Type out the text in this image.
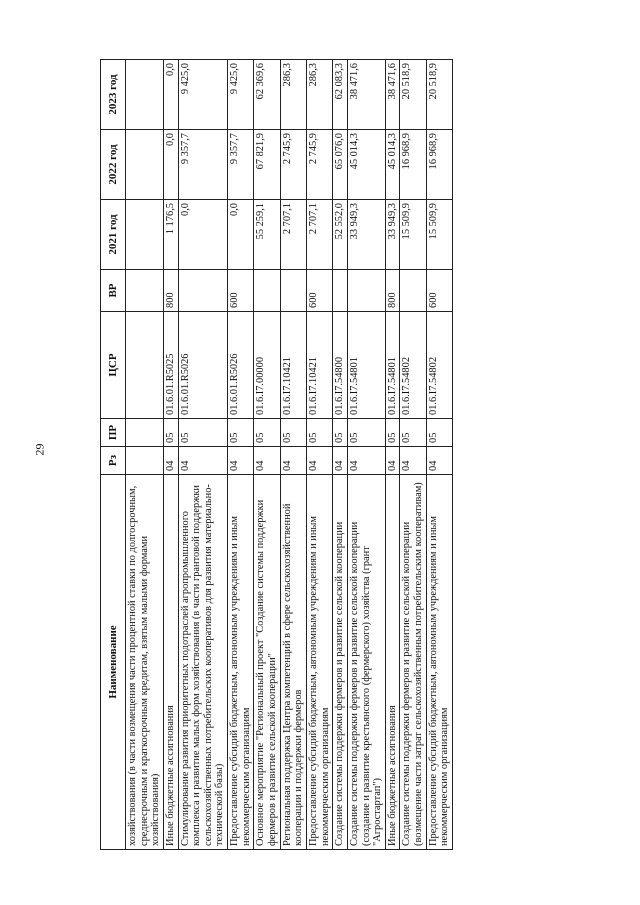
29
Наименование	Рз	ПР	ЦСР	ВР	2021 год	2022 год	2023 год
хозяйствования (в части возмещения части процентной ставки по долгосрочным, среднесрочным и краткосрочным кредитам, взятым малыми формами хозяйствования)							
Иные бюджетные ассигнования	04	05	01.6.01.R5025	800	1 176,5	0,0	0,0
Стимулирование развития приоритетных подотраслей агропромышленного комплекса и развитие малых форм хозяйствования (в части грантовой поддержки сельскохозяйственных потребительских кооперативов для развития материально-технической базы)	04	05	01.6.01.R5026		0,0	9 357,7	9 425,0
Предоставление субсидий бюджетным, автономным учреждениям и иным некоммерческим организациям	04	05	01.6.01.R5026	600	0,0	9 357,7	9 425,0
Основное мероприятие "Региональный проект "Создание системы поддержки фермеров и развитие сельской кооперации"	04	05	01.6.I7.00000		55 259,1	67 821,9	62 369,6
Региональная поддержка Центра компетенций в сфере сельскохозяйственной кооперации и поддержки фермеров	04	05	01.6.I7.10421		2 707,1	2 745,9	286,3
Предоставление субсидий бюджетным, автономным учреждениям и иным некоммерческим организациям	04	05	01.6.I7.10421	600	2 707,1	2 745,9	286,3
Создание системы поддержки фермеров и развитие сельской кооперации	04	05	01.6.I7.54800		52 552,0	65 076,0	62 083,3
Создание системы поддержки фермеров и развитие сельской кооперации (создание и развитие крестьянского (фермерского) хозяйства (грант "Агростартап")	04	05	01.6.I7.54801		33 949,3	45 014,3	38 471,6
Иные бюджетные ассигнования	04	05	01.6.I7.54801	800	33 949,3	45 014,3	38 471,6
Создание системы поддержки фермеров и развитие сельской кооперации (возмещение части затрат сельскохозяйственным потребительским кооперативам)	04	05	01.6.I7.54802		15 509,9	16 968,9	20 518,9
Предоставление субсидий бюджетным, автономным учреждениям и иным некоммерческим организациям	04	05	01.6.I7.54802	600	15 509,9	16 968,9	20 518,9
